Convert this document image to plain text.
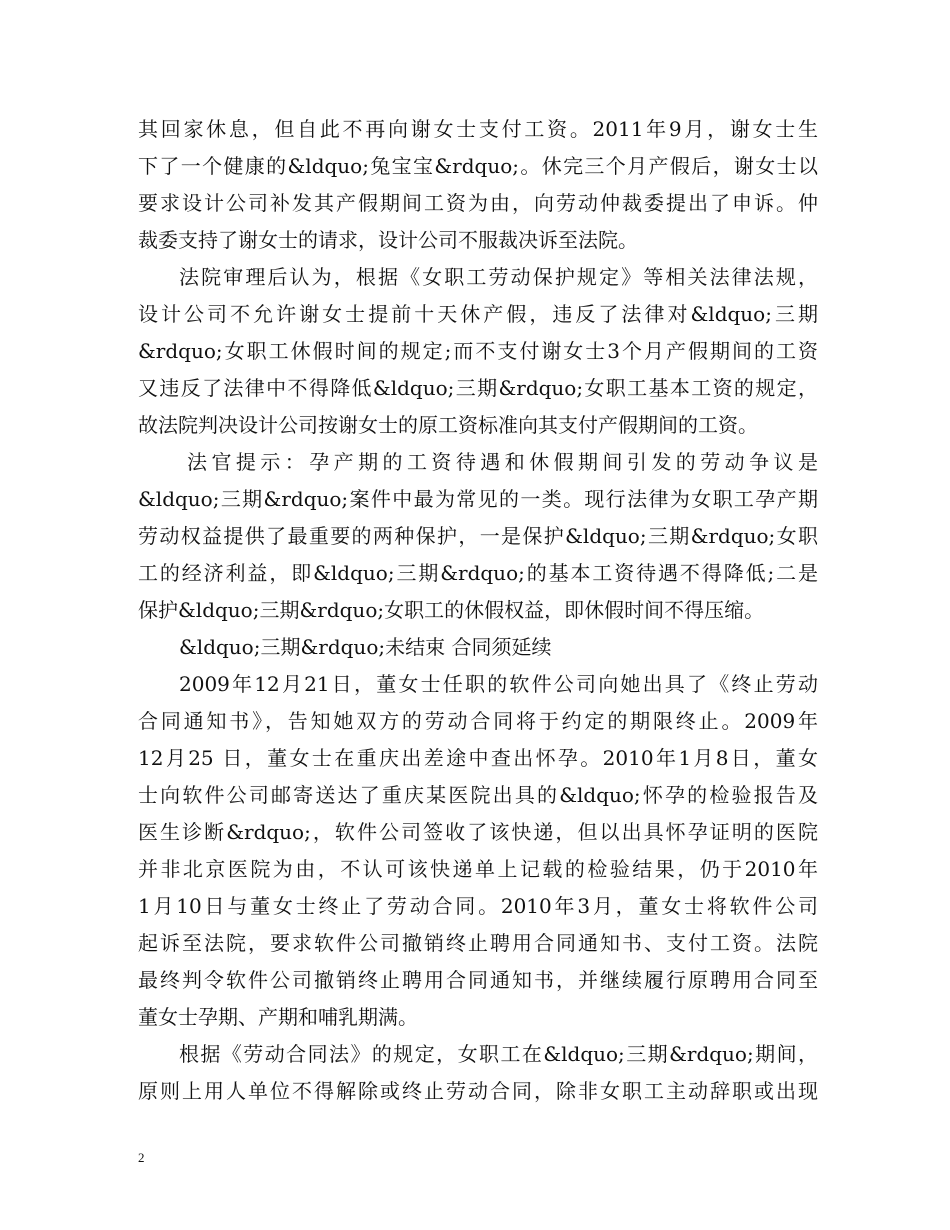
其回家休息，但自此不再向谢女士支付工资。2011年9月，谢女士生
下了一个健康的&ldquo;兔宝宝&rdquo;。休完三个月产假后，谢女士以
要求设计公司补发其产假期间工资为由，向劳动仲裁委提出了申诉。仲
裁委支持了谢女士的请求，设计公司不服裁决诉至法院。
法院审理后认为，根据《女职工劳动保护规定》等相关法律法规，
设计公司不允许谢女士提前十天休产假，违反了法律对&ldquo;三期
&rdquo;女职工休假时间的规定;而不支付谢女士3个月产假期间的工资
又违反了法律中不得降低&ldquo;三期&rdquo;女职工基本工资的规定，
故法院判决设计公司按谢女士的原工资标准向其支付产假期间的工资。
法官提示：孕产期的工资待遇和休假期间引发的劳动争议是
&ldquo;三期&rdquo;案件中最为常见的一类。现行法律为女职工孕产期
劳动权益提供了最重要的两种保护，一是保护&ldquo;三期&rdquo;女职
工的经济利益，即&ldquo;三期&rdquo;的基本工资待遇不得降低;二是
保护&ldquo;三期&rdquo;女职工的休假权益，即休假时间不得压缩。
&ldquo;三期&rdquo;未结束 合同须延续
2009年12月21日，董女士任职的软件公司向她出具了《终止劳动
合同通知书》，告知她双方的劳动合同将于约定的期限终止。2009年
12月25 日，董女士在重庆出差途中查出怀孕。2010年1月8日，董女
士向软件公司邮寄送达了重庆某医院出具的&ldquo;怀孕的检验报告及
医生诊断&rdquo;，软件公司签收了该快递，但以出具怀孕证明的医院
并非北京医院为由，不认可该快递单上记载的检验结果，仍于2010年
1月10日与董女士终止了劳动合同。2010年3月，董女士将软件公司
起诉至法院，要求软件公司撤销终止聘用合同通知书、支付工资。法院
最终判令软件公司撤销终止聘用合同通知书，并继续履行原聘用合同至
董女士孕期、产期和哺乳期满。
根据《劳动合同法》的规定，女职工在&ldquo;三期&rdquo;期间，
原则上用人单位不得解除或终止劳动合同，除非女职工主动辞职或出现
2
